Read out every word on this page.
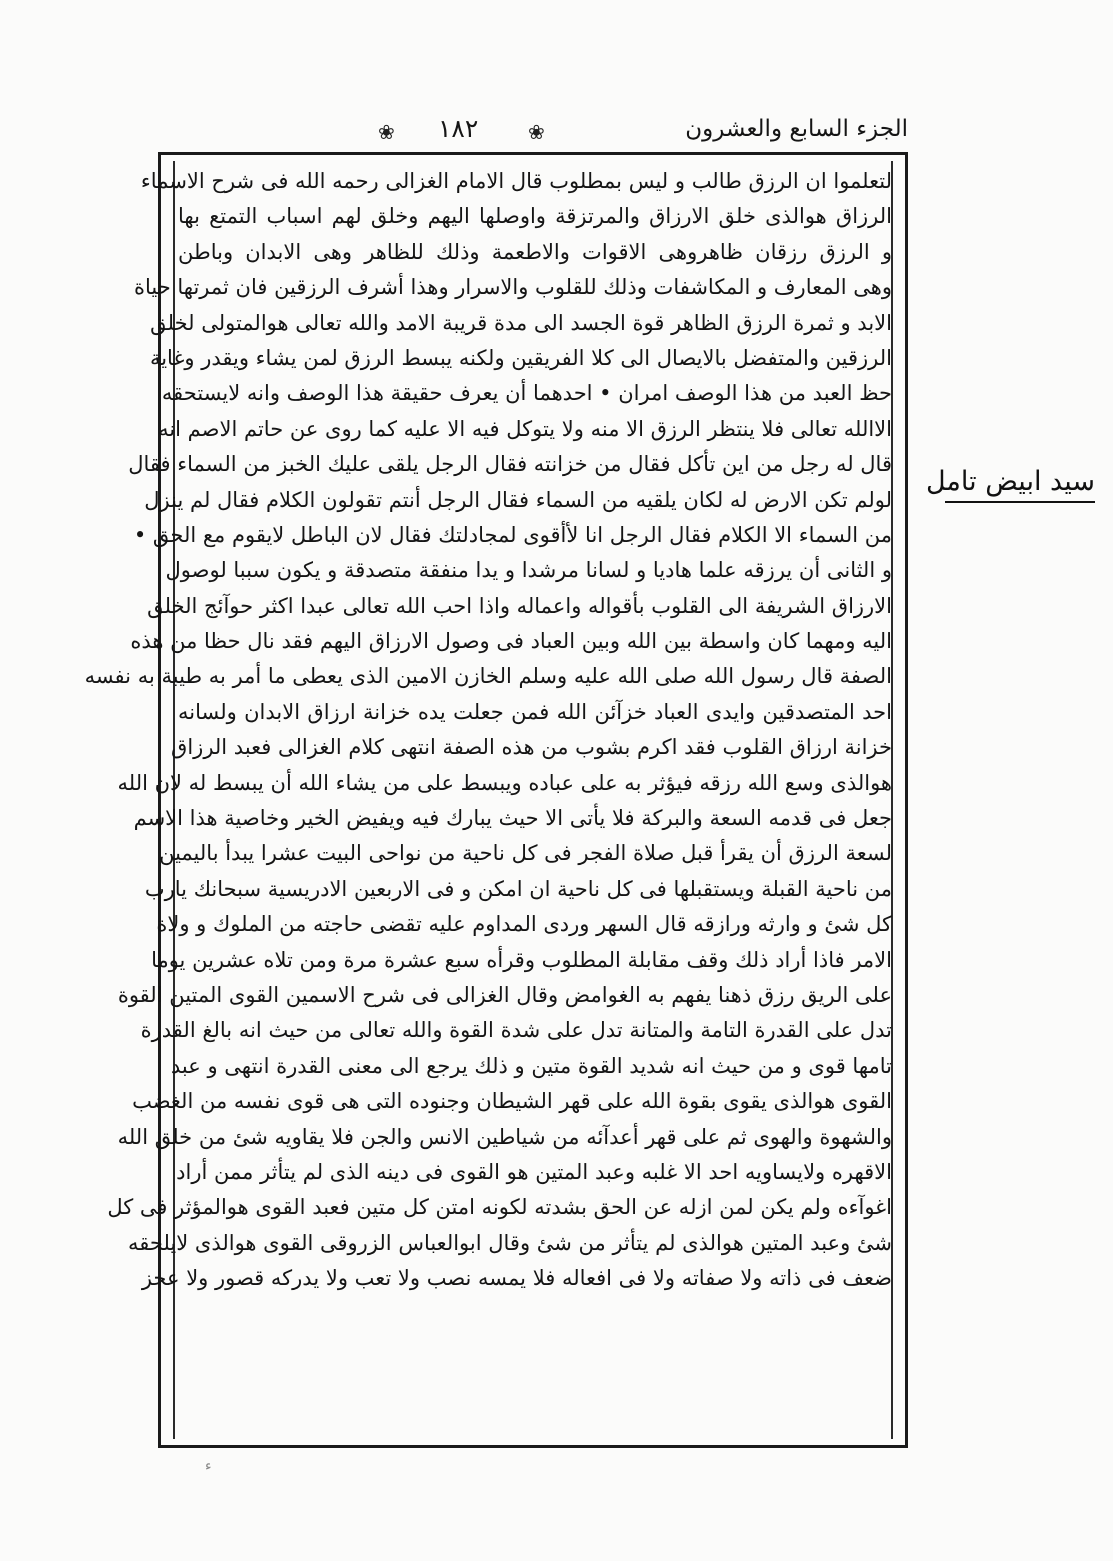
الجزء السابع والعشرون
❀ ١٨٢ ❀
لتعلموا ان الرزق طالب و ليس بمطلوب قال الامام الغزالى رحمه الله فى شرح الاسماء
الرزاق هوالذى خلق الارزاق والمرتزقة واوصلها اليهم وخلق لهم اسباب التمتع بها
و الرزق رزقان ظاهروهى الاقوات والاطعمة وذلك للظاهر وهى الابدان وباطن
وهى المعارف و المكاشفات وذلك للقلوب والاسرار وهذا أشرف الرزقين فان ثمرتها حياة
الابد و ثمرة الرزق الظاهر قوة الجسد الى مدة قريبة الامد والله تعالى هوالمتولى لخلق
الرزقين والمتفضل بالايصال الى كلا الفريقين ولكنه يبسط الرزق لمن يشاء ويقدر وغاية
حظ العبد من هذا الوصف امران • احدهما أن يعرف حقيقة هذا الوصف وانه لايستحقه
الاالله تعالى فلا ينتظر الرزق الا منه ولا يتوكل فيه الا عليه كما روى عن حاتم الاصم انه
قال له رجل من اين تأكل فقال من خزانته فقال الرجل يلقى عليك الخبز من السماء فقال
لولم تكن الارض له لكان يلقيه من السماء فقال الرجل أنتم تقولون الكلام فقال لم ينزل
من السماء الا الكلام فقال الرجل انا لأأقوى لمجادلتك فقال لان الباطل لايقوم مع الحق •
و الثانى أن يرزقه علما هاديا و لسانا مرشدا و يدا منفقة متصدقة و يكون سببا لوصول
الارزاق الشريفة الى القلوب بأقواله واعماله واذا احب الله تعالى عبدا اكثر حوآئج الخلق
اليه ومهما كان واسطة بين الله وبين العباد فى وصول الارزاق اليهم فقد نال حظا من هذه
الصفة قال رسول الله صلى الله عليه وسلم الخازن الامين الذى يعطى ما أمر به طيبة به نفسه
احد المتصدقين وايدى العباد خزآئن الله فمن جعلت يده خزانة ارزاق الابدان ولسانه
خزانة ارزاق القلوب فقد اكرم بشوب من هذه الصفة انتهى كلام الغزالى فعبد الرزاق
هوالذى وسع الله رزقه فيؤثر به على عباده ويبسط على من يشاء الله أن يبسط له لان الله
جعل فى قدمه السعة والبركة فلا يأتى الا حيث يبارك فيه ويفيض الخير وخاصية هذا الاسم
لسعة الرزق أن يقرأ قبل صلاة الفجر فى كل ناحية من نواحى البيت عشرا يبدأ باليمين
من ناحية القبلة ويستقبلها فى كل ناحية ان امكن و فى الاربعين الادريسية سبحانك يارب
كل شئ و وارثه ورازقه قال السهر وردى المداوم عليه تقضى حاجته من الملوك و ولاة
الامر فاذا أراد ذلك وقف مقابلة المطلوب وقرأه سبع عشرة مرة ومن تلاه عشرين يوما
على الريق رزق ذهنا يفهم به الغوامض وقال الغزالى فى شرح الاسمين القوى المتين القوة
تدل على القدرة التامة والمتانة تدل على شدة القوة والله تعالى من حيث انه بالغ القدرة
تامها قوى و من حيث انه شديد القوة متين و ذلك يرجع الى معنى القدرة انتهى و عبد
القوى هوالذى يقوى بقوة الله على قهر الشيطان وجنوده التى هى قوى نفسه من الغضب
والشهوة والهوى ثم على قهر أعدآئه من شياطين الانس والجن فلا يقاويه شئ من خلق الله
الاقهره ولايساويه احد الا غلبه وعبد المتين هو القوى فى دينه الذى لم يتأثر ممن أراد
اغوآءه ولم يكن لمن ازله عن الحق بشدته لكونه امتن كل متين فعبد القوى هوالمؤثر فى كل
شئ وعبد المتين هوالذى لم يتأثر من شئ وقال ابوالعباس الزروقى القوى هوالذى لايلحقه
ضعف فى ذاته ولا صفاته ولا فى افعاله فلا يمسه نصب ولا تعب ولا يدركه قصور ولا عجز
سيد ابيض تامل
ﺀ
